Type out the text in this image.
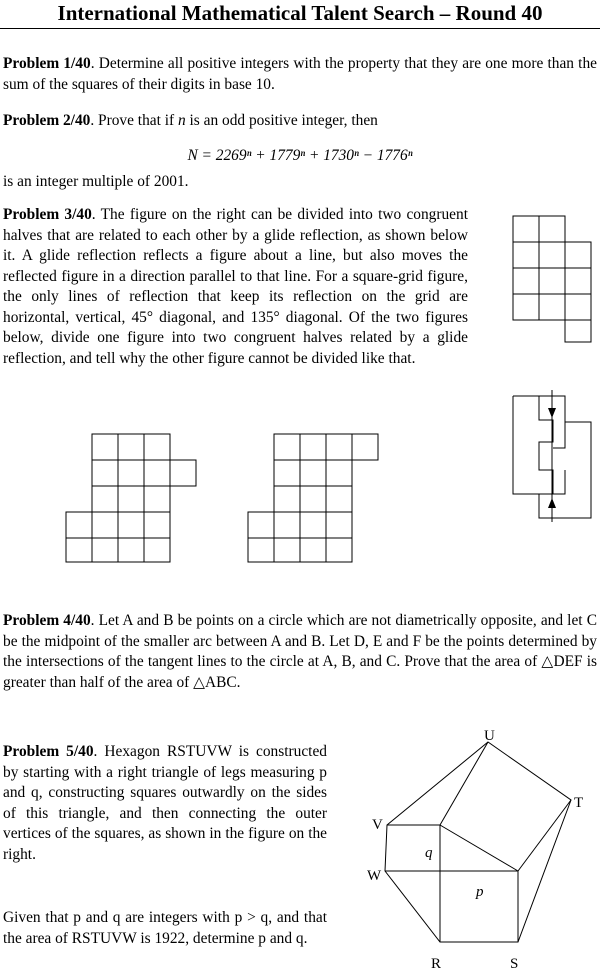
International Mathematical Talent Search – Round 40

Problem 1/40. Determine all positive integers with the property that they are one more than the sum of the squares of their digits in base 10.

Problem 2/40. Prove that if n is an odd positive integer, then

N = 2269ⁿ + 1779ⁿ + 1730ⁿ − 1776ⁿ

is an integer multiple of 2001.

Problem 3/40. The figure on the right can be divided into two congruent halves that are related to each other by a glide reflection, as shown below it. A glide reflection reflects a figure about a line, but also moves the reflected figure in a direction parallel to that line. For a square-grid figure, the only lines of reflection that keep its reflection on the grid are horizontal, vertical, 45° diagonal, and 135° diagonal. Of the two figures below, divide one figure into two congruent halves related by a glide reflection, and tell why the other figure cannot be divided like that.

Problem 4/40. Let A and B be points on a circle which are not diametrically opposite, and let C be the midpoint of the smaller arc between A and B. Let D, E and F be the points determined by the intersections of the tangent lines to the circle at A, B, and C. Prove that the area of △DEF is greater than half of the area of △ABC.

Problem 5/40. Hexagon RSTUVW is constructed by starting with a right triangle of legs measuring p and q, constructing squares outwardly on the sides of this triangle, and then connecting the outer vertices of the squares, as shown in the figure on the right.

Given that p and q are integers with p > q, and that the area of RSTUVW is 1922, determine p and q.

U
T
V
W
R	S
q
p
